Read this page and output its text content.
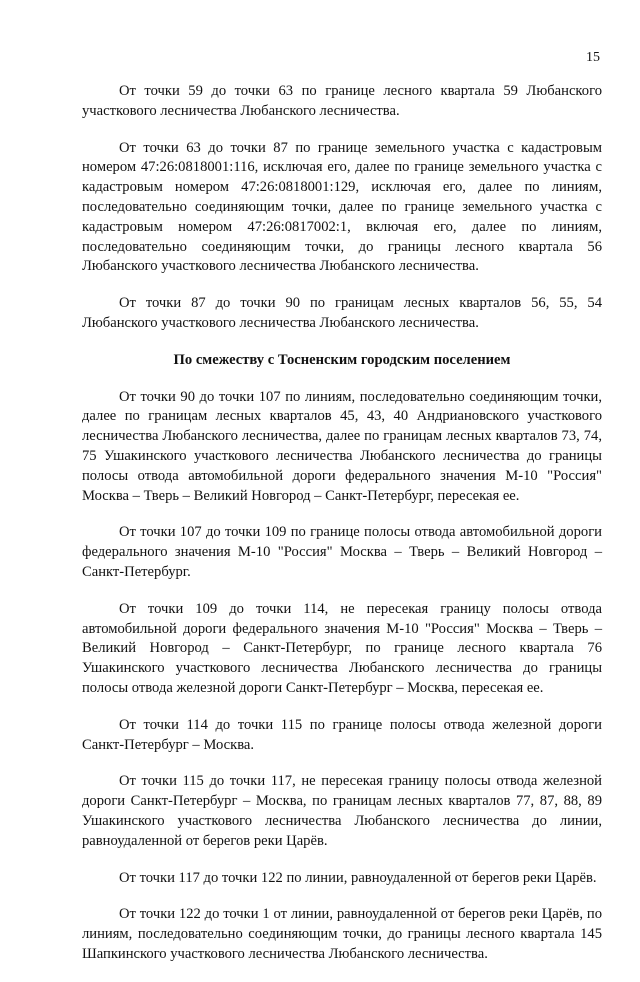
15

От точки 59 до точки 63 по границе лесного квартала 59 Любанского участкового лесничества Любанского лесничества.

От точки 63 до точки 87 по границе земельного участка с кадастровым номером 47:26:0818001:116, исключая его, далее по границе земельного участка с кадастровым номером 47:26:0818001:129, исключая его, далее по линиям, последовательно соединяющим точки, далее по границе земельного участка с кадастровым номером 47:26:0817002:1, включая его, далее по линиям, последовательно соединяющим точки, до границы лесного квартала 56 Любанского участкового лесничества Любанского лесничества.

От точки 87 до точки 90 по границам лесных кварталов 56, 55, 54 Любанского участкового лесничества Любанского лесничества.

По смежеству с Тосненским городским поселением

От точки 90 до точки 107 по линиям, последовательно соединяющим точки, далее по границам лесных кварталов 45, 43, 40 Андриановского участкового лесничества Любанского лесничества, далее по границам лесных кварталов 73, 74, 75 Ушакинского участкового лесничества Любанского лесничества до границы полосы отвода автомобильной дороги федерального значения М-10 "Россия" Москва – Тверь – Великий Новгород – Санкт-Петербург, пересекая ее.

От точки 107 до точки 109 по границе полосы отвода автомобильной дороги федерального значения М-10 "Россия" Москва – Тверь – Великий Новгород – Санкт-Петербург.

От точки 109 до точки 114, не пересекая границу полосы отвода автомобильной дороги федерального значения М-10 "Россия" Москва – Тверь – Великий Новгород – Санкт-Петербург, по границе лесного квартала 76 Ушакинского участкового лесничества Любанского лесничества до границы полосы отвода железной дороги Санкт-Петербург – Москва, пересекая ее.

От точки 114 до точки 115 по границе полосы отвода железной дороги Санкт-Петербург – Москва.

От точки 115 до точки 117, не пересекая границу полосы отвода железной дороги Санкт-Петербург – Москва, по границам лесных кварталов 77, 87, 88, 89 Ушакинского участкового лесничества Любанского лесничества до линии, равноудаленной от берегов реки Царёв.

От точки 117 до точки 122 по линии, равноудаленной от берегов реки Царёв.

От точки 122 до точки 1 от линии, равноудаленной от берегов реки Царёв, по линиям, последовательно соединяющим точки, до границы лесного квартала 145 Шапкинского участкового лесничества Любанского лесничества.
